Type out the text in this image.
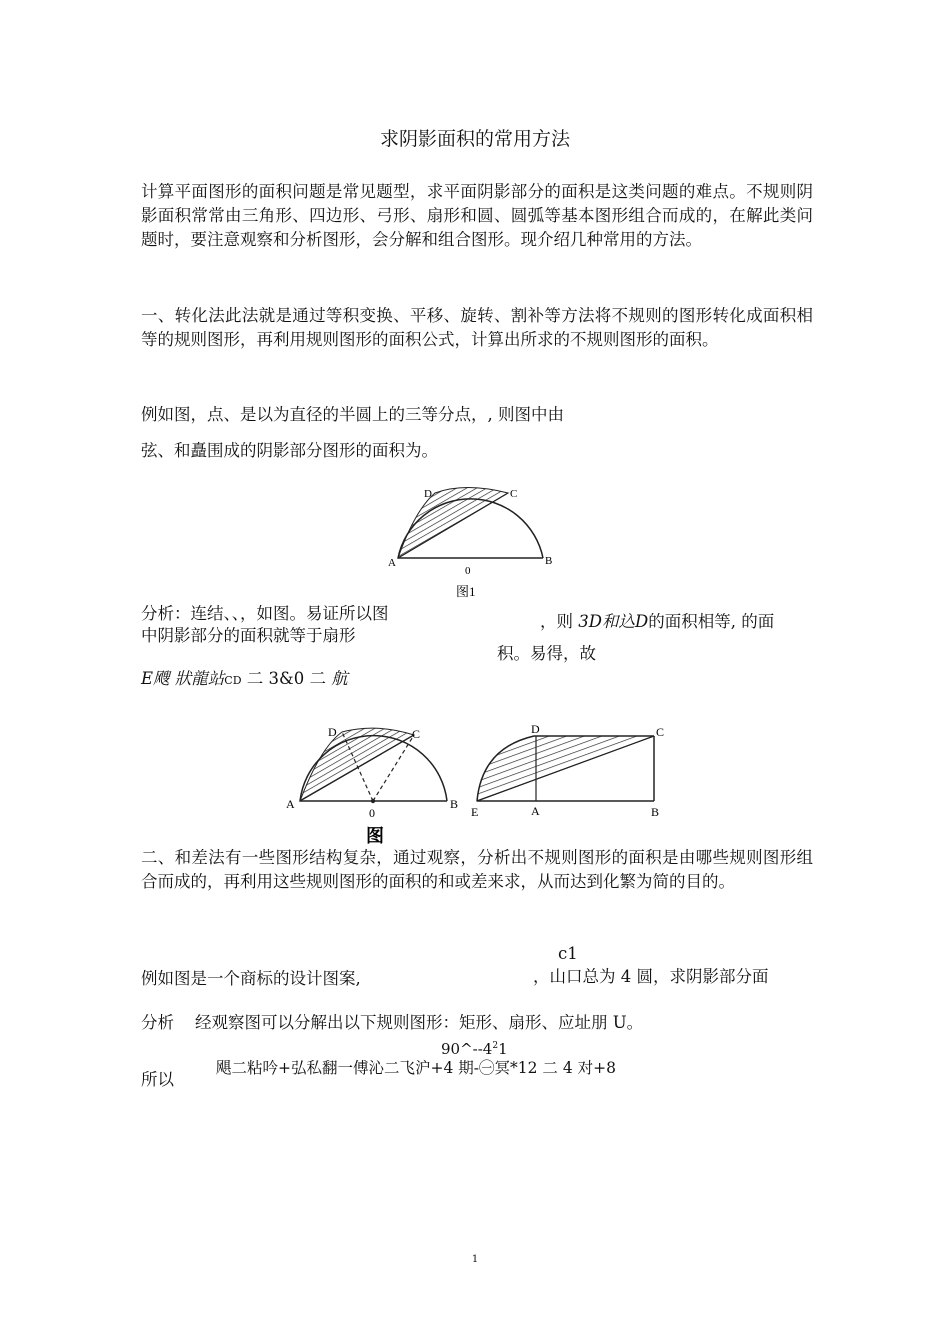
求阴影面积的常用方法
计算平面图形的面积问题是常见题型，求平面阴影部分的面积是这类问题的难点。不规则阴影面积常常由三角形、四边形、弓形、扇形和圆、圆弧等基本图形组合而成的，在解此类问题时，要注意观察和分析图形，会分解和组合图形。现介绍几种常用的方法。
一、转化法此法就是通过等积变换、平移、旋转、割补等方法将不规则的图形转化成面积相等的规则图形，再利用规则图形的面积公式，计算出所求的不规则图形的面积。
例如图，点、是以为直径的半圆上的三等分点，, 则图中由
弦、和矗围成的阴影部分图形的面积为。
D	C
A
0
B
图1
分析：连结、、，如图。易证所以图
中阴影部分的面积就等于扇形
，则 3D和込D的面积相等, 的面
积。易得，故
E飕 狀龍站CD 二 3&0 二 航
D	C
A
0
B
D	C
E	A	B
图
二、和差法有一些图形结构复杂，通过观察，分析出不规则图形的面积是由哪些规则图形组合而成的，再利用这些规则图形的面积的和或差来求，从而达到化繁为简的目的。
c1
例如图是一个商标的设计图案,	，山口总为 4 圆，求阴影部分面
分析 经观察图可以分解出以下规则图形：矩形、扇形、应址朋 U。
$90\^{}--4^21$
所以
飓二粘吟+弘私翻一傅沁二飞沪+4 期-㊀冥*12 二 4 对+8
1
